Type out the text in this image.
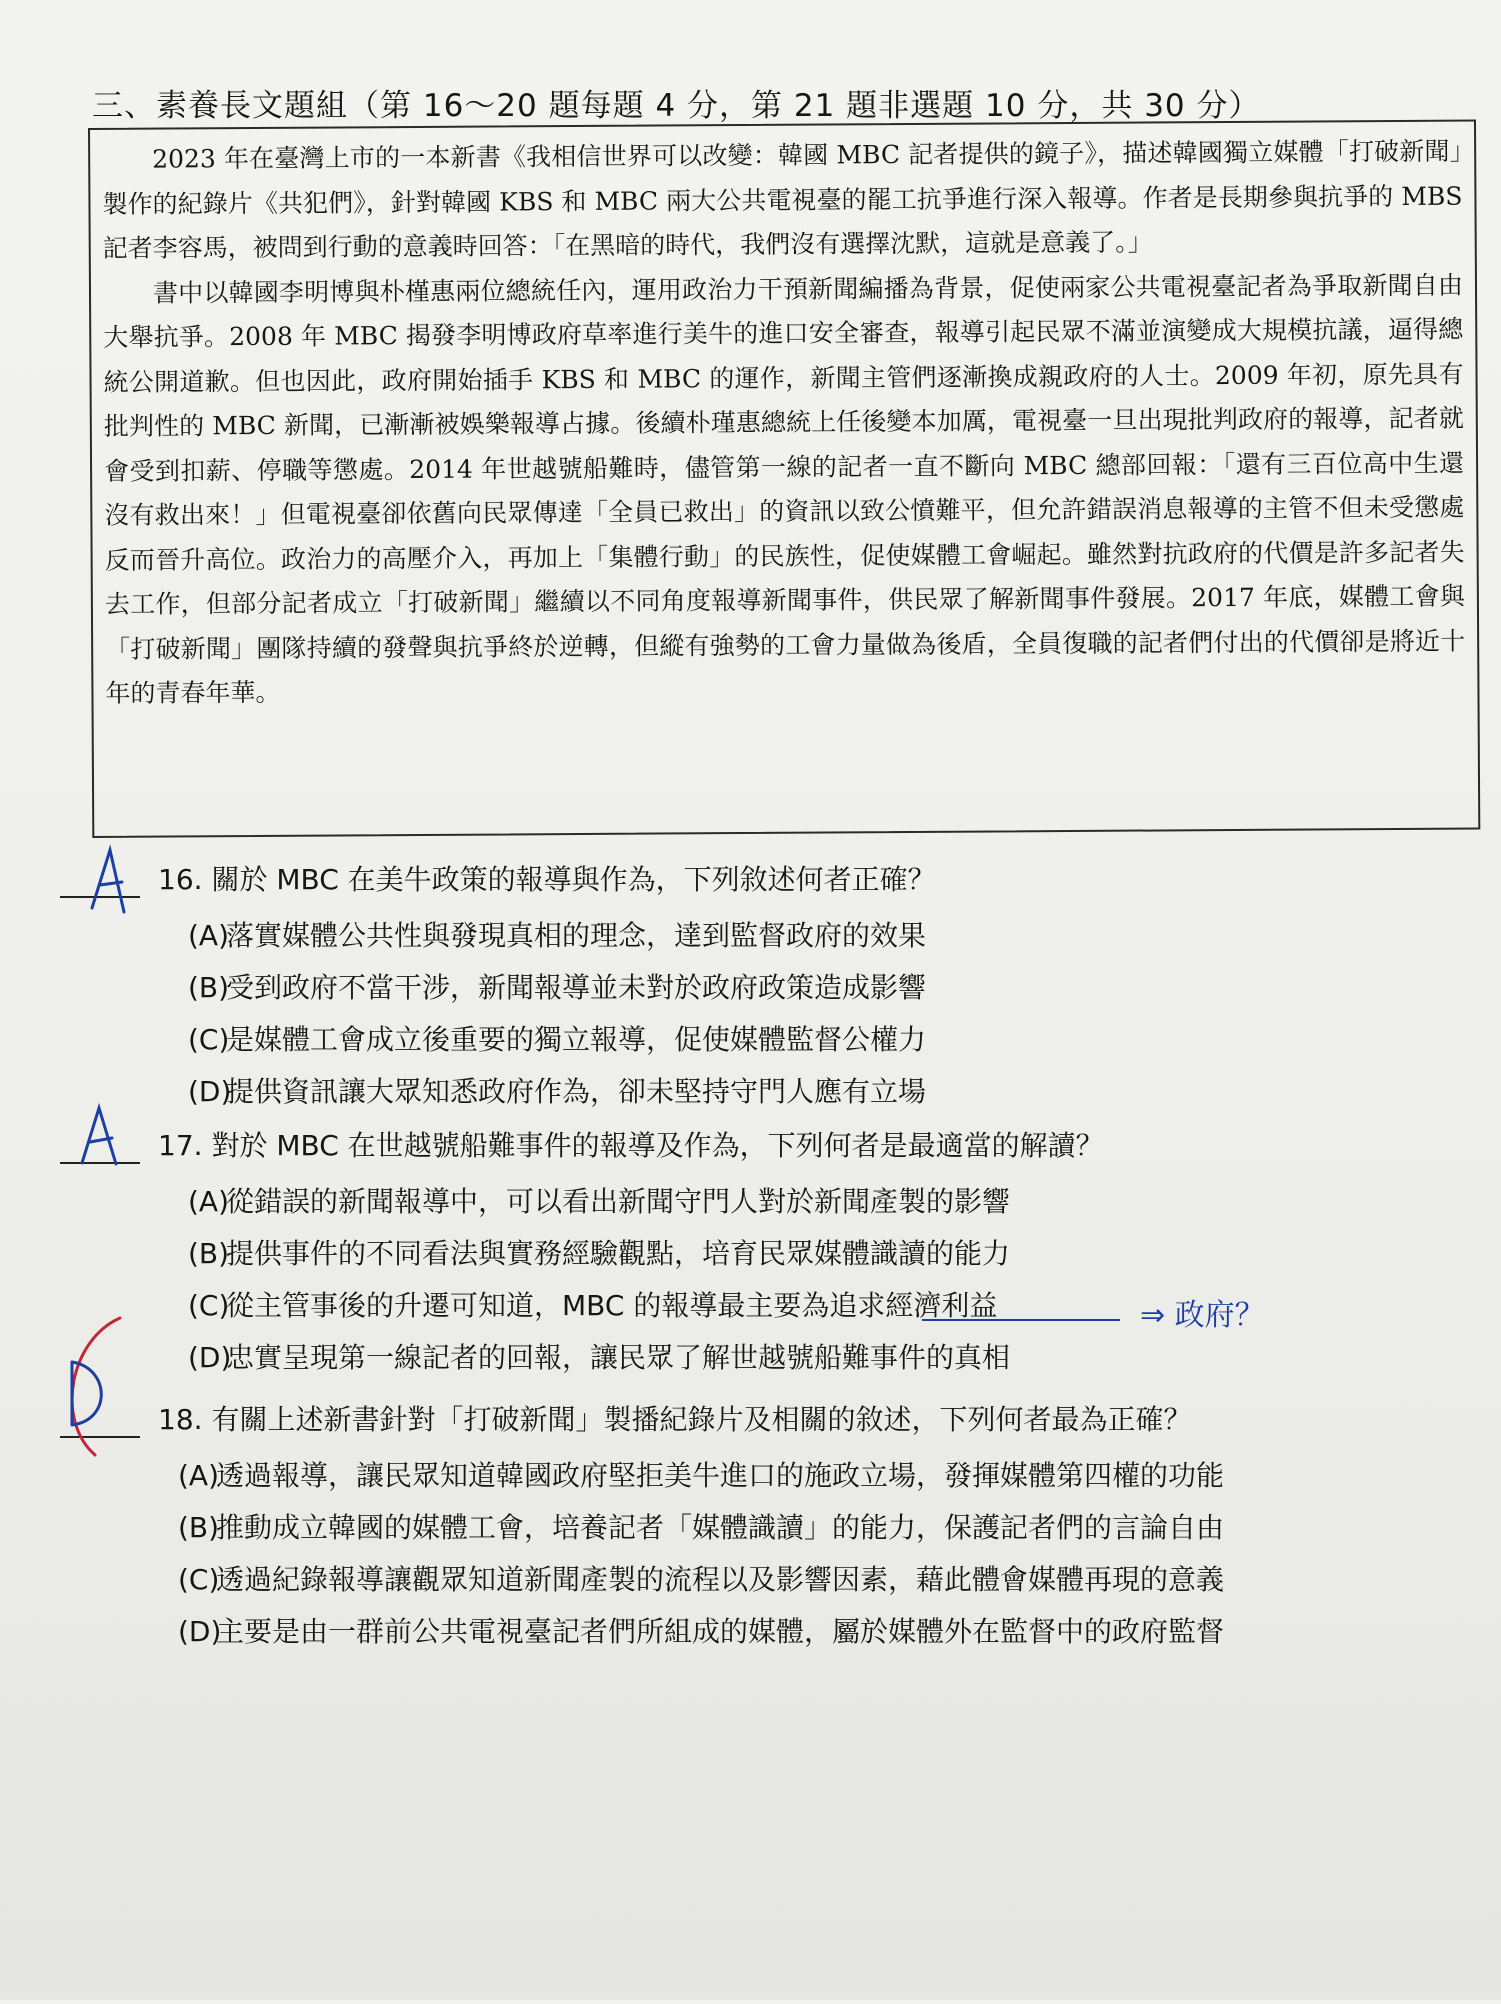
三、素養長文題組（第 16～20 題每題 4 分，第 21 題非選題 10 分，共 30 分）

2023 年在臺灣上市的一本新書《我相信世界可以改變：韓國 MBC 記者提供的鏡子》，描述韓國獨立媒體「打破新聞」製作的紀錄片《共犯們》，針對韓國 KBS 和 MBC 兩大公共電視臺的罷工抗爭進行深入報導。作者是長期參與抗爭的 MBS 記者李容馬，被問到行動的意義時回答：「在黑暗的時代，我們沒有選擇沈默，這就是意義了。」

書中以韓國李明博與朴槿惠兩位總統任內，運用政治力干預新聞編播為背景，促使兩家公共電視臺記者為爭取新聞自由大舉抗爭。2008 年 MBC 揭發李明博政府草率進行美牛的進口安全審查，報導引起民眾不滿並演變成大規模抗議，逼得總統公開道歉。但也因此，政府開始插手 KBS 和 MBC 的運作，新聞主管們逐漸換成親政府的人士。2009 年初，原先具有批判性的 MBC 新聞，已漸漸被娛樂報導占據。後續朴瑾惠總統上任後變本加厲，電視臺一旦出現批判政府的報導，記者就會受到扣薪、停職等懲處。2014 年世越號船難時，儘管第一線的記者一直不斷向 MBC 總部回報：「還有三百位高中生還沒有救出來！」但電視臺卻依舊向民眾傳達「全員已救出」的資訊以致公憤難平，但允許錯誤消息報導的主管不但未受懲處反而晉升高位。政治力的高壓介入，再加上「集體行動」的民族性，促使媒體工會崛起。雖然對抗政府的代價是許多記者失去工作，但部分記者成立「打破新聞」繼續以不同角度報導新聞事件，供民眾了解新聞事件發展。2017 年底，媒體工會與「打破新聞」團隊持續的發聲與抗爭終於逆轉，但縱有強勢的工會力量做為後盾，全員復職的記者們付出的代價卻是將近十年的青春年華。

16. 關於 MBC 在美牛政策的報導與作為，下列敘述何者正確？
(A)
落實媒體公共性與發現真相的理念，達到監督政府的效果
(B)
受到政府不當干涉，新聞報導並未對於政府政策造成影響
(C)
是媒體工會成立後重要的獨立報導，促使媒體監督公權力
(D)
提供資訊讓大眾知悉政府作為，卻未堅持守門人應有立場
17. 對於 MBC 在世越號船難事件的報導及作為，下列何者是最適當的解讀？
(A)
從錯誤的新聞報導中，可以看出新聞守門人對於新聞產製的影響
(B)
提供事件的不同看法與實務經驗觀點，培育民眾媒體識讀的能力
(C)
從主管事後的升遷可知道，MBC 的報導最主要為追求經濟利益
(D)
忠實呈現第一線記者的回報，讓民眾了解世越號船難事件的真相
18. 有關上述新書針對「打破新聞」製播紀錄片及相關的敘述，下列何者最為正確？
(A)
透過報導，讓民眾知道韓國政府堅拒美牛進口的施政立場，發揮媒體第四權的功能
(B)
推動成立韓國的媒體工會，培養記者「媒體識讀」的能力，保護記者們的言論自由
(C)
透過紀錄報導讓觀眾知道新聞產製的流程以及影響因素，藉此體會媒體再現的意義
(D)
主要是由一群前公共電視臺記者們所組成的媒體，屬於媒體外在監督中的政府監督
⇒ 政府？
